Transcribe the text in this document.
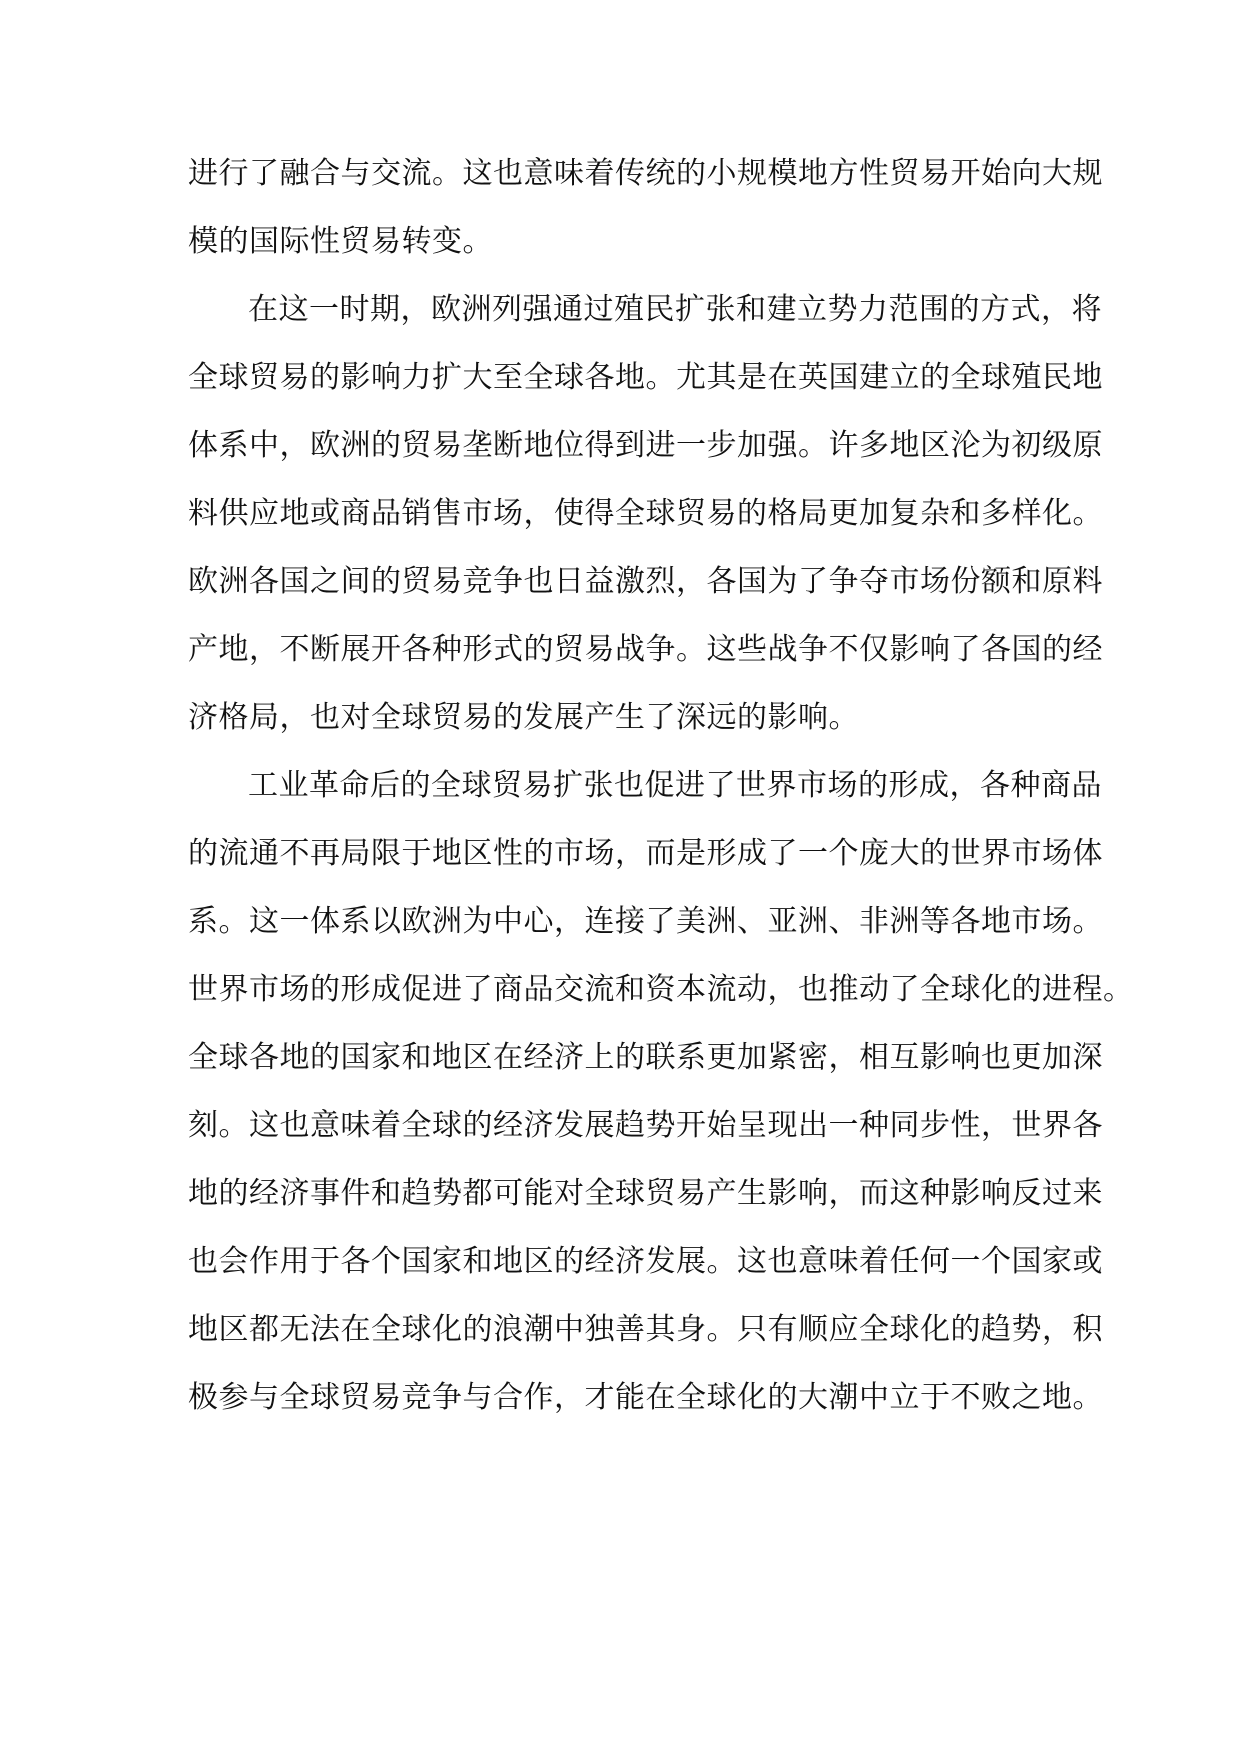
进行了融合与交流。这也意味着传统的小规模地方性贸易开始向大规
模的国际性贸易转变。
在这一时期，欧洲列强通过殖民扩张和建立势力范围的方式，将
全球贸易的影响力扩大至全球各地。尤其是在英国建立的全球殖民地
体系中，欧洲的贸易垄断地位得到进一步加强。许多地区沦为初级原
料供应地或商品销售市场，使得全球贸易的格局更加复杂和多样化。
欧洲各国之间的贸易竞争也日益激烈，各国为了争夺市场份额和原料
产地，不断展开各种形式的贸易战争。这些战争不仅影响了各国的经
济格局，也对全球贸易的发展产生了深远的影响。
工业革命后的全球贸易扩张也促进了世界市场的形成，各种商品
的流通不再局限于地区性的市场，而是形成了一个庞大的世界市场体
系。这一体系以欧洲为中心，连接了美洲、亚洲、非洲等各地市场。
世界市场的形成促进了商品交流和资本流动，也推动了全球化的进程。
全球各地的国家和地区在经济上的联系更加紧密，相互影响也更加深
刻。这也意味着全球的经济发展趋势开始呈现出一种同步性，世界各
地的经济事件和趋势都可能对全球贸易产生影响，而这种影响反过来
也会作用于各个国家和地区的经济发展。这也意味着任何一个国家或
地区都无法在全球化的浪潮中独善其身。只有顺应全球化的趋势，积
极参与全球贸易竞争与合作，才能在全球化的大潮中立于不败之地。
